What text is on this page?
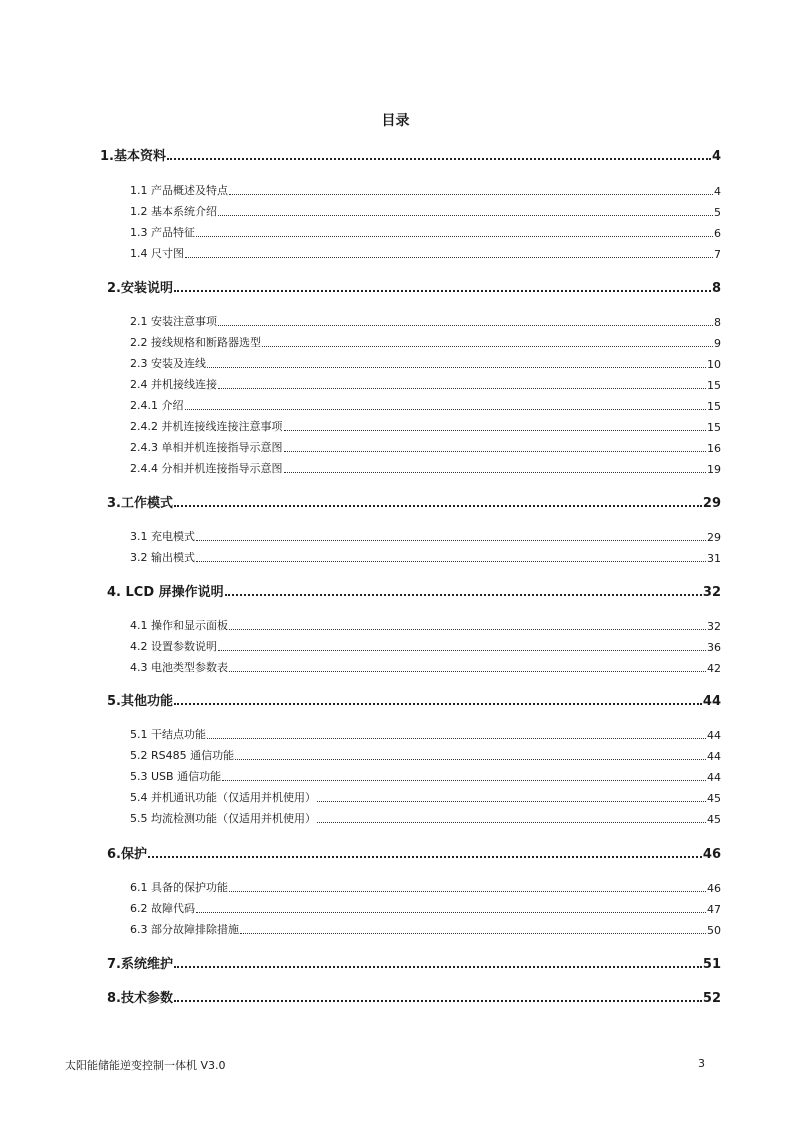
目录
1.基本资料	4
1.1 产品概述及特点	4
1.2 基本系统介绍	5
1.3 产品特征	6
1.4 尺寸图	7
2.安装说明	8
2.1 安装注意事项	8
2.2 接线规格和断路器选型	9
2.3 安装及连线	10
2.4 并机接线连接	15
2.4.1 介绍	15
2.4.2 并机连接线连接注意事项	15
2.4.3 单相并机连接指导示意图	16
2.4.4 分相并机连接指导示意图	19
3.工作模式	29
3.1 充电模式	29
3.2 输出模式	31
4. LCD 屏操作说明	32
4.1 操作和显示面板	32
4.2 设置参数说明	36
4.3 电池类型参数表	42
5.其他功能	44
5.1 干结点功能	44
5.2 RS485 通信功能	44
5.3 USB 通信功能	44
5.4 并机通讯功能（仅适用并机使用）	45
5.5 均流检测功能（仅适用并机使用）	45
6.保护	46
6.1 具备的保护功能	46
6.2 故障代码	47
6.3 部分故障排除措施	50
7.系统维护	51
8.技术参数	52
太阳能储能逆变控制一体机 V3.0	3
